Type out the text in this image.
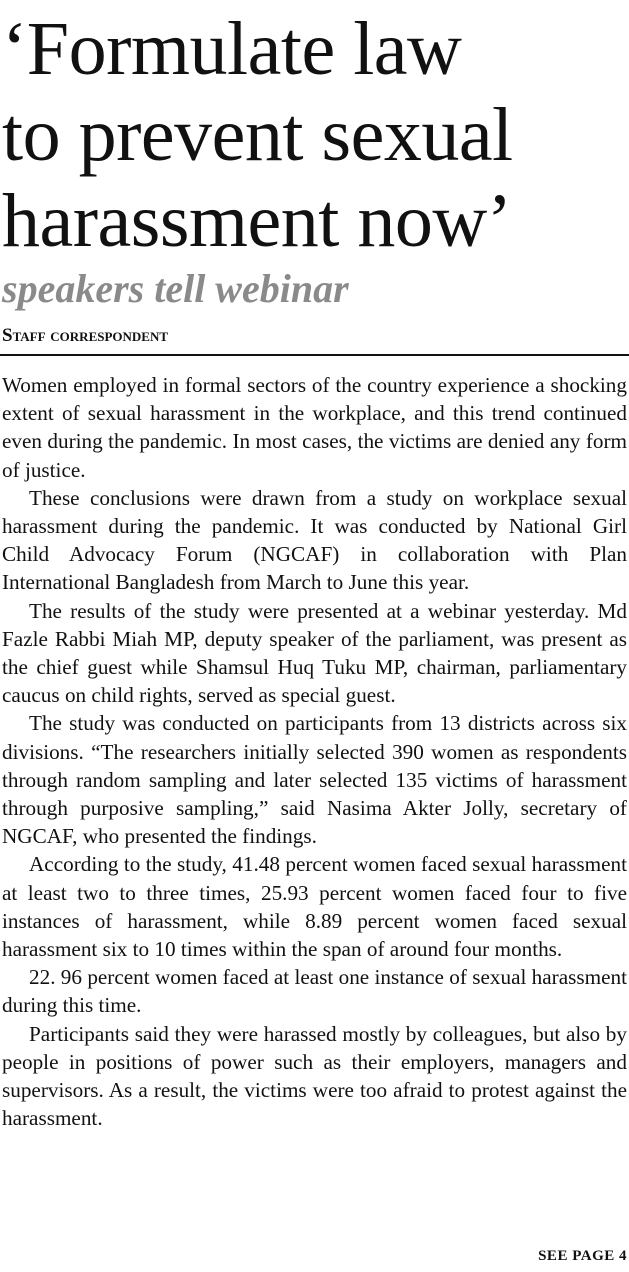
‘Formulate law
to prevent sexual
harassment now’
speakers tell webinar
Staff correspondent

Women employed in formal sectors of the country experience a shocking extent of sexual harassment in the workplace, and this trend continued even during the pandemic. In most cases, the victims are denied any form of justice.

These conclusions were drawn from a study on workplace sexual harassment during the pandemic. It was conducted by National Girl Child Advocacy Forum (NGCAF) in collaboration with Plan International Bangladesh from March to June this year.

The results of the study were presented at a webinar yesterday. Md Fazle Rabbi Miah MP, deputy speaker of the parliament, was present as the chief guest while Shamsul Huq Tuku MP, chairman, parliamentary caucus on child rights, served as special guest.

The study was conducted on participants from 13 districts across six divisions. “The researchers initially selected 390 women as respondents through random sampling and later selected 135 victims of harassment through purposive sampling,” said Nasima Akter Jolly, secretary of NGCAF, who presented the findings.

According to the study, 41.48 percent women faced sexual harassment at least two to three times, 25.93 percent women faced four to five instances of harassment, while 8.89 percent women faced sexual harassment six to 10 times within the span of around four months.

22. 96 percent women faced at least one instance of sexual harassment during this time.

Participants said they were harassed mostly by colleagues, but also by people in positions of power such as their employers, managers and supervisors. As a result, the victims were too afraid to protest against the harassment.

SEE PAGE 4
